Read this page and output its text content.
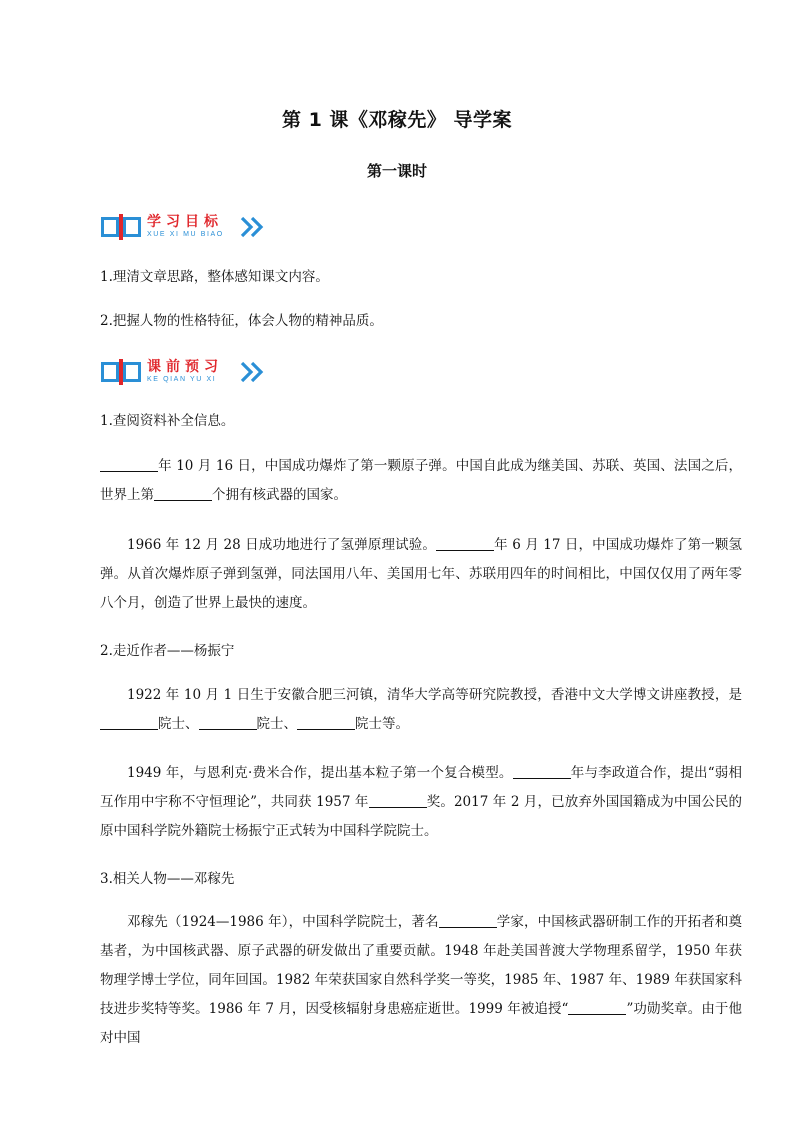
第 1 课《邓稼先》 导学案
第一课时
学习目标
XUE XI MU BIAO
1.理清文章思路，整体感知课文内容。
2.把握人物的性格特征，体会人物的精神品质。
课前预习
KE QIAN YU XI
1.查阅资料补全信息。
年 10 月 16 日，中国成功爆炸了第一颗原子弹。中国自此成为继美国、苏联、英国、法国之后，世界上第	个拥有核武器的国家。
1966 年 12 月 28 日成功地进行了氢弹原理试验。	年 6 月 17 日，中国成功爆炸了第一颗氢弹。从首次爆炸原子弹到氢弹，同法国用八年、美国用七年、苏联用四年的时间相比，中国仅仅用了两年零八个月，创造了世界上最快的速度。
2.走近作者——杨振宁
1922 年 10 月 1 日生于安徽合肥三河镇，清华大学高等研究院教授，香港中文大学博文讲座教授，是院士、	院士、	院士等。
1949 年，与恩利克·费米合作，提出基本粒子第一个复合模型。	年与李政道合作，提出“弱相互作用中宇称不守恒理论”，共同获 1957 年	奖。2017 年 2 月，已放弃外国国籍成为中国公民的原中国科学院外籍院士杨振宁正式转为中国科学院院士。
3.相关人物——邓稼先
邓稼先（1924—1986 年），中国科学院院士，著名	学家，中国核武器研制工作的开拓者和奠基者，为中国核武器、原子武器的研发做出了重要贡献。1948 年赴美国普渡大学物理系留学，1950 年获物理学博士学位，同年回国。1982 年荣获国家自然科学奖一等奖，1985 年、1987 年、1989 年获国家科技进步奖特等奖。1986 年 7 月，因受核辐射身患癌症逝世。1999 年被追授“	”功勋奖章。由于他对中国
